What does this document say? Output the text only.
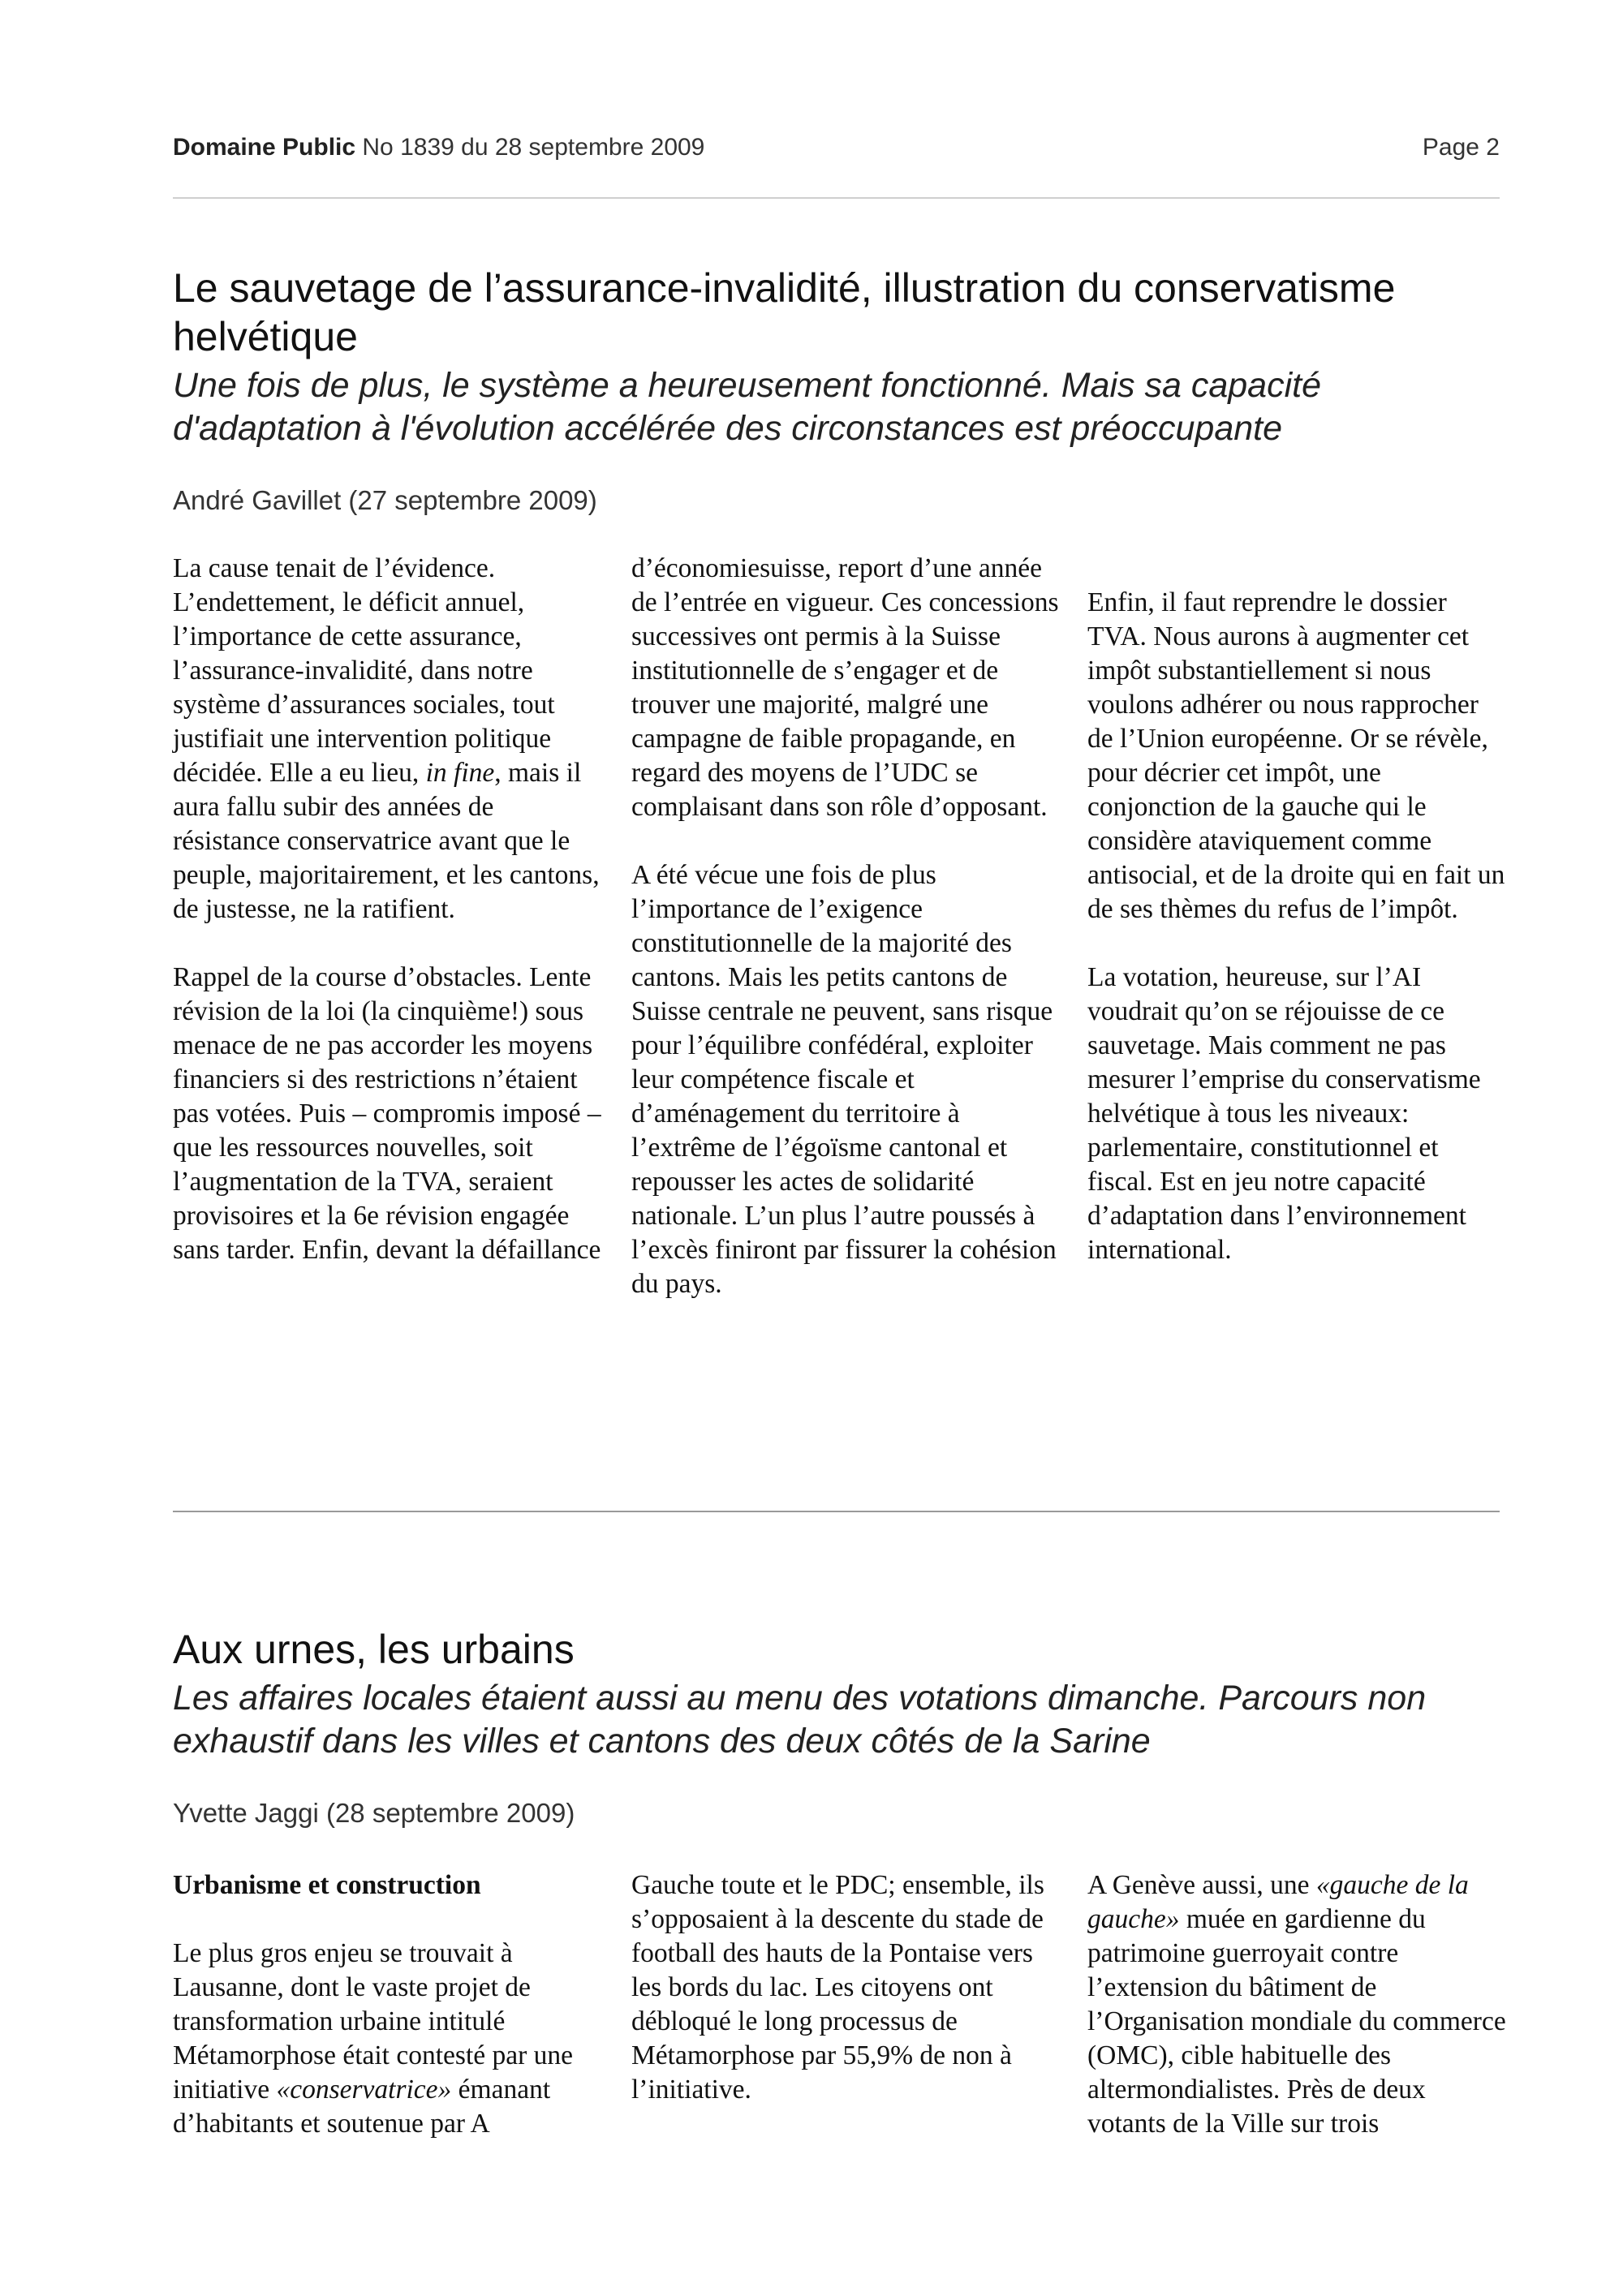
Domaine Public No 1839 du 28 septembre 2009	Page 2
Le sauvetage de l’assurance-invalidité, illustration du conservatisme helvétique

Une fois de plus, le système a heureusement fonctionné. Mais sa capacité d'adaptation à l'évolution accélérée des circonstances est préoccupante

André Gavillet (27 septembre 2009)

La cause tenait de l’évidence. L’endettement, le déficit annuel, l’importance de cette assurance, l’assurance-invalidité, dans notre système d’assurances sociales, tout justifiait une intervention politique décidée. Elle a eu lieu, in fine, mais il aura fallu subir des années de résistance conservatrice avant que le peuple, majoritairement, et les cantons, de justesse, ne la ratifient.

Rappel de la course d’obstacles. Lente révision de la loi (la cinquième!) sous menace de ne pas accorder les moyens financiers si des restrictions n’étaient pas votées. Puis – compromis imposé – que les ressources nouvelles, soit l’augmentation de la TVA, seraient provisoires et la 6e révision engagée sans tarder. Enfin, devant la défaillance

d’économiesuisse, report d’une année de l’entrée en vigueur. Ces concessions successives ont permis à la Suisse institutionnelle de s’engager et de trouver une majorité, malgré une campagne de faible propagande, en regard des moyens de l’UDC se complaisant dans son rôle d’opposant.

A été vécue une fois de plus l’importance de l’exigence constitutionnelle de la majorité des cantons. Mais les petits cantons de Suisse centrale ne peuvent, sans risque pour l’équilibre confédéral, exploiter leur compétence fiscale et d’aménagement du territoire à l’extrême de l’égoïsme cantonal et repousser les actes de solidarité nationale. L’un plus l’autre poussés à l’excès finiront par fissurer la cohésion du pays.

Enfin, il faut reprendre le dossier TVA. Nous aurons à augmenter cet impôt substantiellement si nous voulons adhérer ou nous rapprocher de l’Union européenne. Or se révèle, pour décrier cet impôt, une conjonction de la gauche qui le considère ataviquement comme antisocial, et de la droite qui en fait un de ses thèmes du refus de l’impôt.

La votation, heureuse, sur l’AI voudrait qu’on se réjouisse de ce sauvetage. Mais comment ne pas mesurer l’emprise du conservatisme helvétique à tous les niveaux: parlementaire, constitutionnel et fiscal. Est en jeu notre capacité d’adaptation dans l’environnement international.

Aux urnes, les urbains

Les affaires locales étaient aussi au menu des votations dimanche. Parcours non exhaustif dans les villes et cantons des deux côtés de la Sarine

Yvette Jaggi (28 septembre 2009)

Urbanisme et construction

Le plus gros enjeu se trouvait à Lausanne, dont le vaste projet de transformation urbaine intitulé Métamorphose était contesté par une initiative «conservatrice» émanant d’habitants et soutenue par A

Gauche toute et le PDC; ensemble, ils s’opposaient à la descente du stade de football des hauts de la Pontaise vers les bords du lac. Les citoyens ont débloqué le long processus de Métamorphose par 55,9% de non à l’initiative.

A Genève aussi, une «gauche de la gauche» muée en gardienne du patrimoine guerroyait contre l’extension du bâtiment de l’Organisation mondiale du commerce (OMC), cible habituelle des altermondialistes. Près de deux votants de la Ville sur trois
